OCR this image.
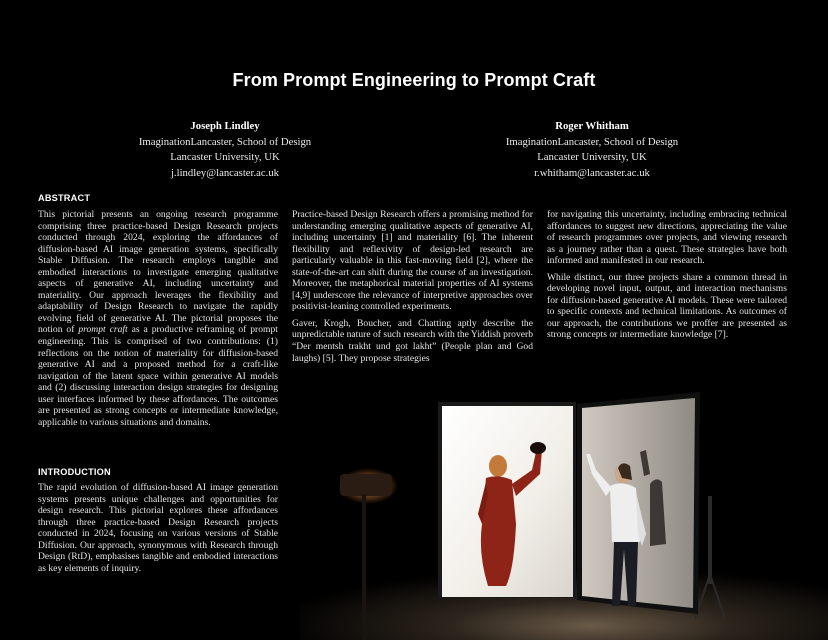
From Prompt Engineering to Prompt Craft
Joseph Lindley
ImaginationLancaster, School of Design
Lancaster University, UK
j.lindley@lancaster.ac.uk
Roger Whitham
ImaginationLancaster, School of Design
Lancaster University, UK
r.whitham@lancaster.ac.uk
ABSTRACT

This pictorial presents an ongoing research programme comprising three practice-based Design Research projects conducted through 2024, exploring the affordances of diffusion-based AI image generation systems, specifically Stable Diffusion. The research employs tangible and embodied interactions to investigate emerging qualitative aspects of generative AI, including uncertainty and materiality. Our approach leverages the flexibility and adaptability of Design Research to navigate the rapidly evolving field of generative AI. The pictorial proposes the notion of prompt craft as a productive reframing of prompt engineering. This is comprised of two contributions: (1) reflections on the notion of materiality for diffusion-based generative AI and a proposed method for a craft-like navigation of the latent space within generative AI models and (2) discussing interaction design strategies for designing user interfaces informed by these affordances. The outcomes are presented as strong concepts or intermediate knowledge, applicable to various situations and domains.

INTRODUCTION

The rapid evolution of diffusion-based AI image generation systems presents unique challenges and opportunities for design research. This pictorial explores these affordances through three practice-based Design Research projects conducted in 2024, focusing on various versions of Stable Diffusion. Our approach, synonymous with Research through Design (RtD), emphasises tangible and embodied interactions as key elements of inquiry.

Practice-based Design Research offers a promising method for understanding emerging qualitative aspects of generative AI, including uncertainty [1] and materiality [6]. The inherent flexibility and reflexivity of design-led research are particularly valuable in this fast-moving field [2], where the state-of-the-art can shift during the course of an investigation. Moreover, the metaphorical material properties of AI systems [4,9] underscore the relevance of interpretive approaches over positivist-leaning controlled experiments.

Gaver, Krogh, Boucher, and Chatting aptly describe the unpredictable nature of such research with the Yiddish proverb “Der mentsh trakht und got lakht” (People plan and God laughs) [5]. They propose strategies

for navigating this uncertainty, including embracing technical affordances to suggest new directions, appreciating the value of research programmes over projects, and viewing research as a journey rather than a quest. These strategies have both informed and manifested in our research.

While distinct, our three projects share a common thread in developing novel input, output, and interaction mechanisms for diffusion-based generative AI models. These were tailored to specific contexts and technical limitations. As outcomes of our approach, the contributions we proffer are presented as strong concepts or intermediate knowledge [7].
